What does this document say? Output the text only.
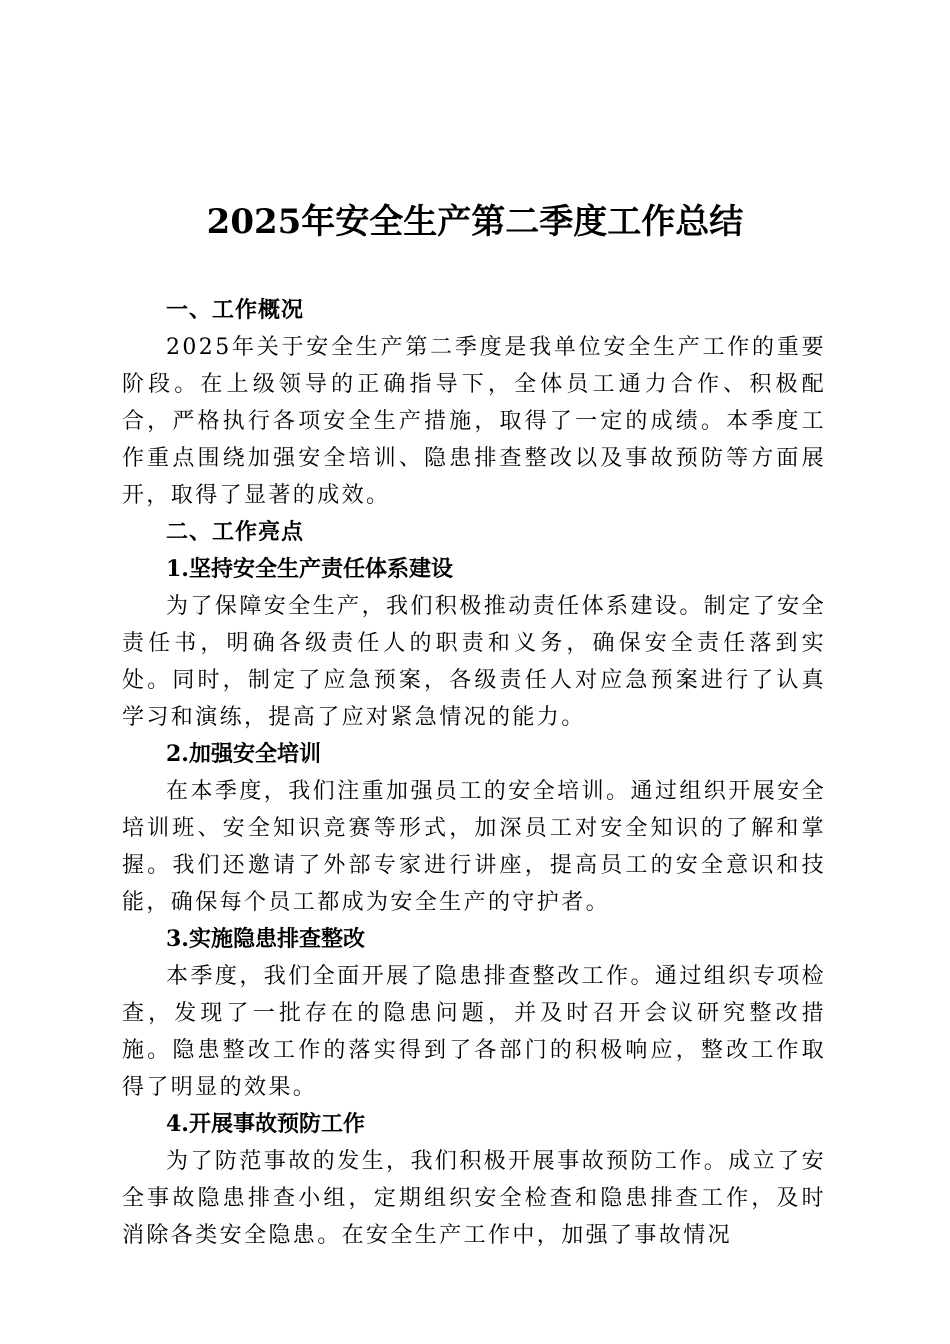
2025年安全生产第二季度工作总结

一、工作概况

2025年关于安全生产第二季度是我单位安全生产工作的重要阶段。在上级领导的正确指导下，全体员工通力合作、积极配合，严格执行各项安全生产措施，取得了一定的成绩。本季度工作重点围绕加强安全培训、隐患排查整改以及事故预防等方面展开，取得了显著的成效。

二、工作亮点

1.坚持安全生产责任体系建设

为了保障安全生产，我们积极推动责任体系建设。制定了安全责任书，明确各级责任人的职责和义务，确保安全责任落到实处。同时，制定了应急预案，各级责任人对应急预案进行了认真学习和演练，提高了应对紧急情况的能力。

2.加强安全培训

在本季度，我们注重加强员工的安全培训。通过组织开展安全培训班、安全知识竞赛等形式，加深员工对安全知识的了解和掌握。我们还邀请了外部专家进行讲座，提高员工的安全意识和技能，确保每个员工都成为安全生产的守护者。

3.实施隐患排查整改

本季度，我们全面开展了隐患排查整改工作。通过组织专项检查，发现了一批存在的隐患问题，并及时召开会议研究整改措施。隐患整改工作的落实得到了各部门的积极响应，整改工作取得了明显的效果。

4.开展事故预防工作

为了防范事故的发生，我们积极开展事故预防工作。成立了安全事故隐患排查小组，定期组织安全检查和隐患排查工作，及时消除各类安全隐患。在安全生产工作中，加强了事故情况
